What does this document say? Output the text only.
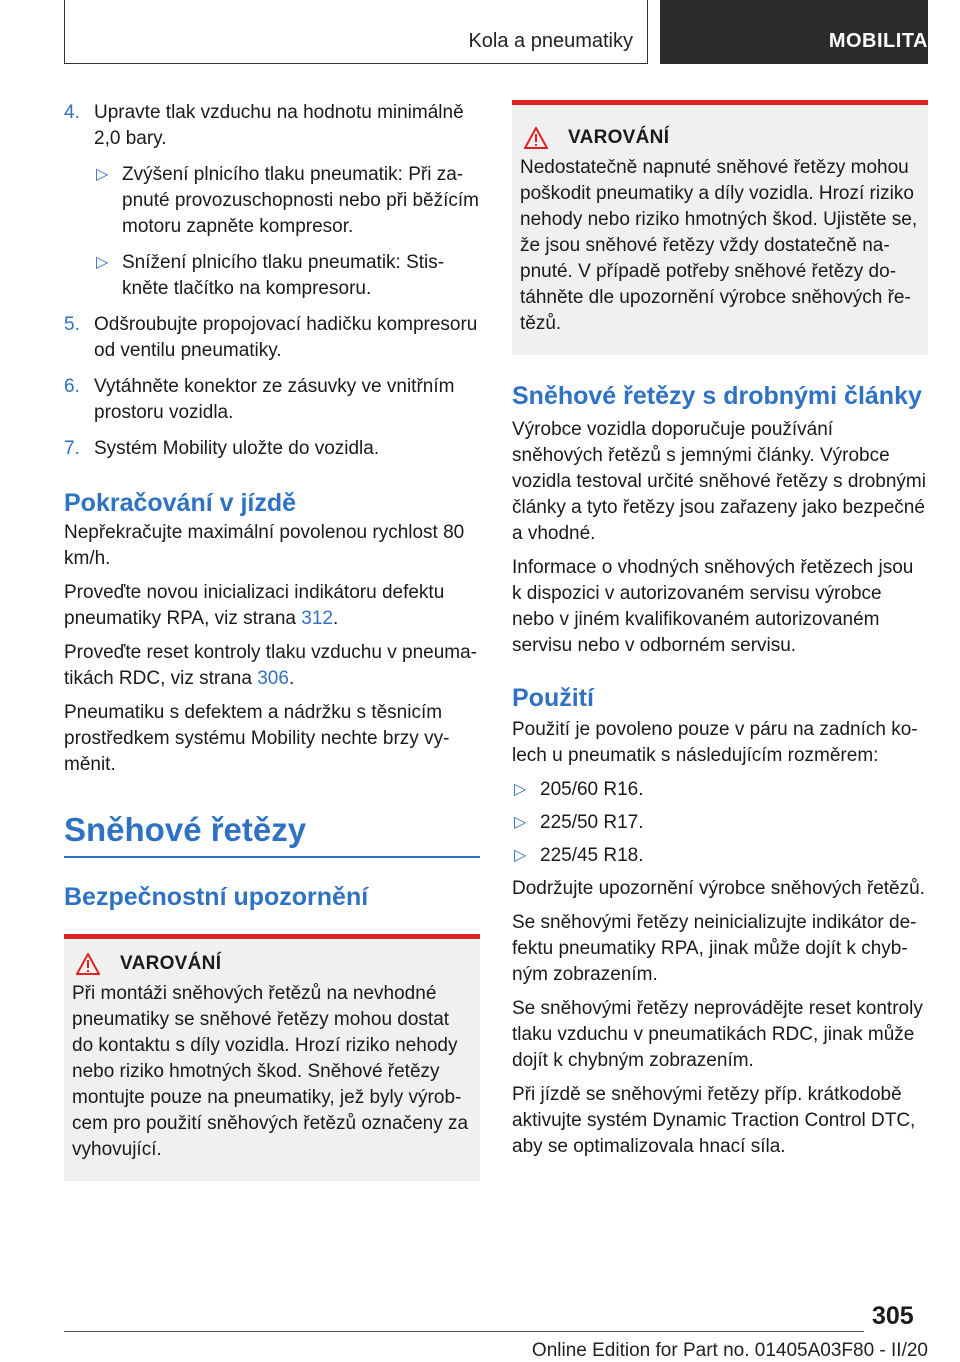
Kola a pneumatiky	MOBILITA
4. Upravte tlak vzduchu na hodnotu minimálně 2,0 bary.
▷ Zvýšení plnicího tlaku pneumatik: Při zapnuté provozuschopnosti nebo při běžícím motoru zapněte kompresor.
▷ Snížení plnicího tlaku pneumatik: Stiskněte tlačítko na kompresoru.
5. Odšroubujte propojovací hadičku kompresoru od ventilu pneumatiky.
6. Vytáhněte konektor ze zásuvky ve vnitřním prostoru vozidla.
7. Systém Mobility uložte do vozidla.
Pokračování v jízdě

Nepřekračujte maximální povolenou rychlost 80 km/h.

Proveďte novou inicializaci indikátoru defektu pneumatiky RPA, viz strana 312.

Proveďte reset kontroly tlaku vzduchu v pneumatikách RDC, viz strana 306.

Pneumatiku s defektem a nádržku s těsnicím prostředkem systému Mobility nechte brzy vyměnit.

Sněhové řetězy
Bezpečnostní upozornění
VAROVÁNÍ

Při montáži sněhových řetězů na nevhodné pneumatiky se sněhové řetězy mohou dostat do kontaktu s díly vozidla. Hrozí riziko nehody nebo riziko hmotných škod. Sněhové řetězy montujte pouze na pneumatiky, jež byly výrobcem pro použití sněhových řetězů označeny za vyhovující.

VAROVÁNÍ

Nedostatečně napnuté sněhové řetězy mohou poškodit pneumatiky a díly vozidla. Hrozí riziko nehody nebo riziko hmotných škod. Ujistěte se, že jsou sněhové řetězy vždy dostatečně napnuté. V případě potřeby sněhové řetězy dotáhněte dle upozornění výrobce sněhových řetězů.

Sněhové řetězy s drobnými články

Výrobce vozidla doporučuje používání sněhových řetězů s jemnými články. Výrobce vozidla testoval určité sněhové řetězy s drobnými články a tyto řetězy jsou zařazeny jako bezpečné a vhodné.

Informace o vhodných sněhových řetězech jsou k dispozici v autorizovaném servisu výrobce nebo v jiném kvalifikovaném autorizovaném servisu nebo v odborném servisu.

Použití

Použití je povoleno pouze v páru na zadních kolech u pneumatik s následujícím rozměrem:

▷ 205/60 R16.
▷ 225/50 R17.
▷ 225/45 R18.

Dodržujte upozornění výrobce sněhových řetězů.

Se sněhovými řetězy neinicializujte indikátor defektu pneumatiky RPA, jinak může dojít k chybným zobrazením.

Se sněhovými řetězy neprovádějte reset kontroly tlaku vzduchu v pneumatikách RDC, jinak může dojít k chybným zobrazením.

Při jízdě se sněhovými řetězy příp. krátkodobě aktivujte systém Dynamic Traction Control DTC, aby se optimalizovala hnací síla.

305
Online Edition for Part no. 01405A03F80 - II/20
